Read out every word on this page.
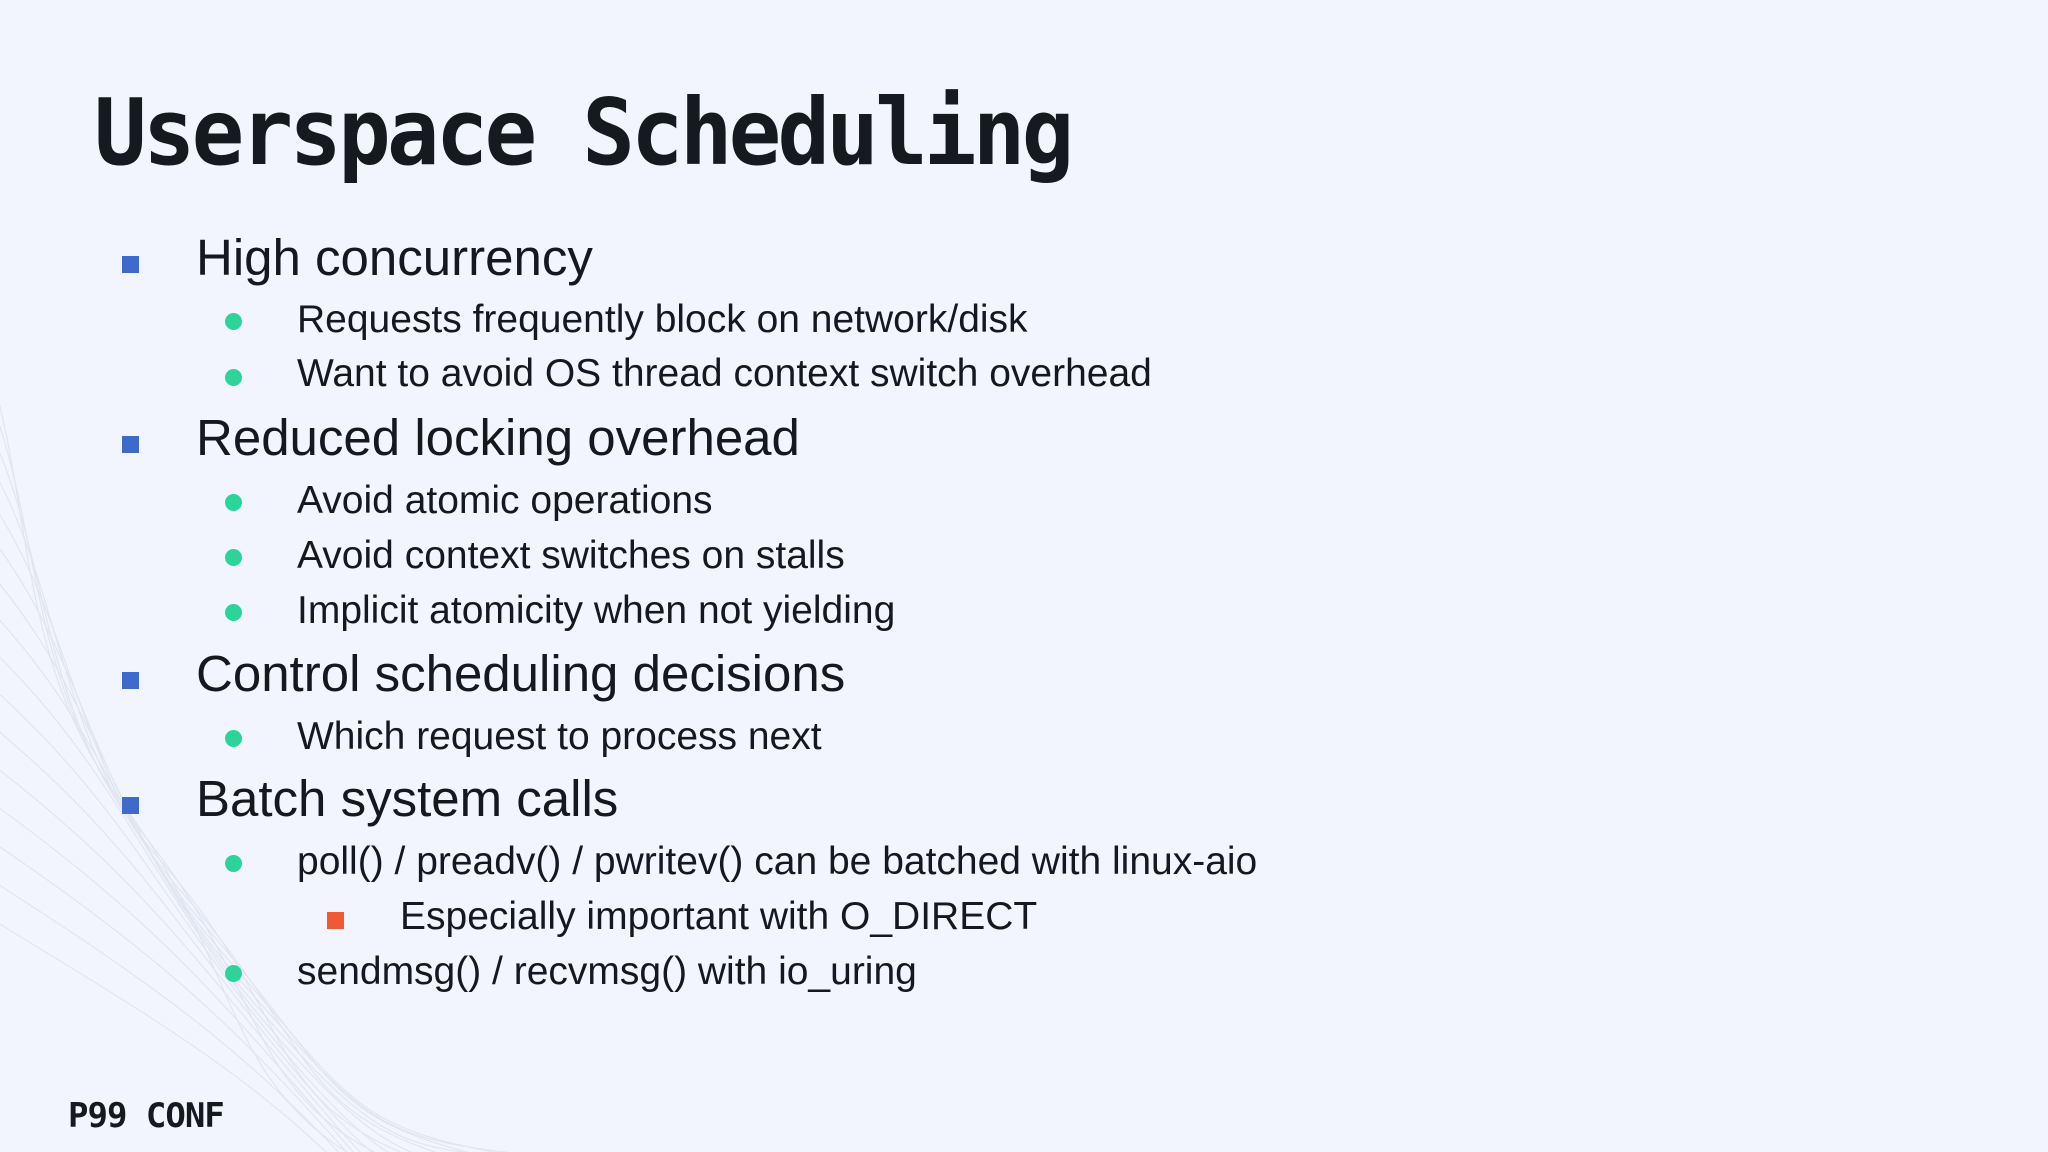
Userspace Scheduling
High concurrency
Requests frequently block on network/disk
Want to avoid OS thread context switch overhead
Reduced locking overhead
Avoid atomic operations
Avoid context switches on stalls
Implicit atomicity when not yielding
Control scheduling decisions
Which request to process next
Batch system calls
poll() / preadv() / pwritev() can be batched with linux-aio
Especially important with O_DIRECT
sendmsg() / recvmsg() with io_uring
P99 CONF
